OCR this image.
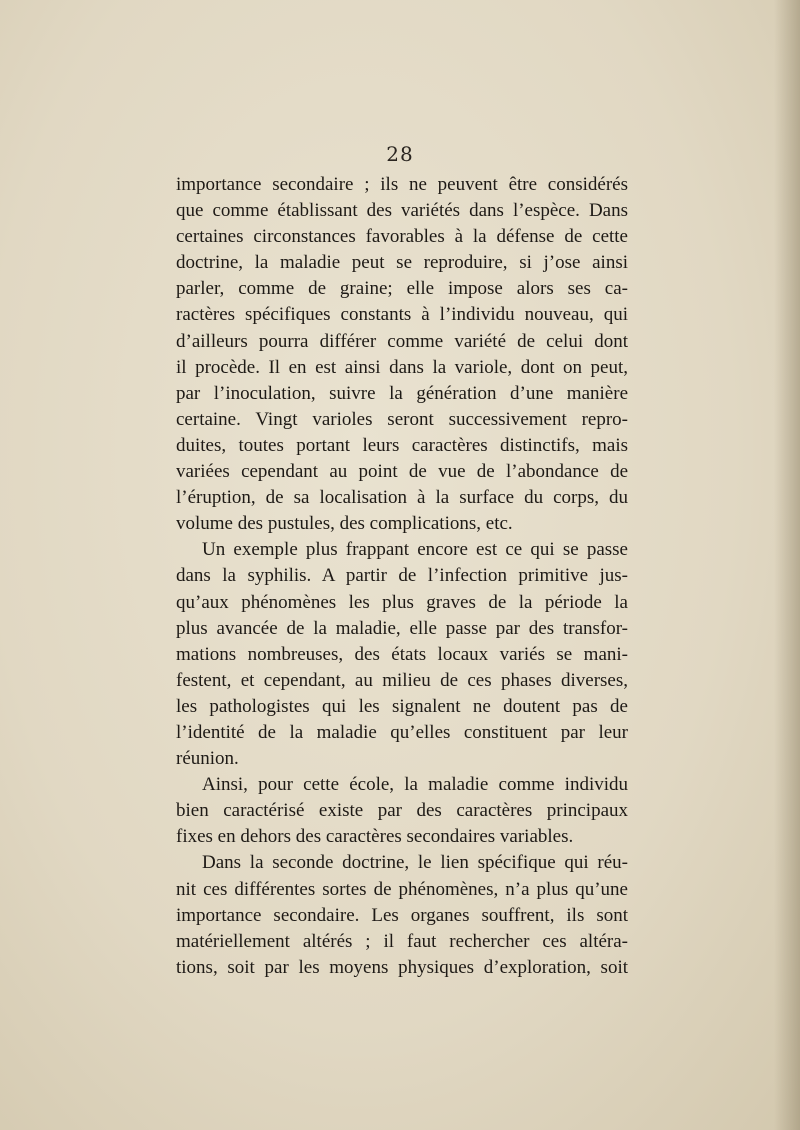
28
importance secondaire ; ils ne peuvent être considérés
que comme établissant des variétés dans l’espèce. Dans
certaines circonstances favorables à la défense de cette
doctrine, la maladie peut se reproduire, si j’ose ainsi
parler, comme de graine; elle impose alors ses ca-
ractères spécifiques constants à l’individu nouveau, qui
d’ailleurs pourra différer comme variété de celui dont
il procède. Il en est ainsi dans la variole, dont on peut,
par l’inoculation, suivre la génération d’une manière
certaine. Vingt varioles seront successivement repro-
duites, toutes portant leurs caractères distinctifs, mais
variées cependant au point de vue de l’abondance de
l’éruption, de sa localisation à la surface du corps, du
volume des pustules, des complications, etc.
Un exemple plus frappant encore est ce qui se passe
dans la syphilis. A partir de l’infection primitive jus-
qu’aux phénomènes les plus graves de la période la
plus avancée de la maladie, elle passe par des transfor-
mations nombreuses, des états locaux variés se mani-
festent, et cependant, au milieu de ces phases diverses,
les pathologistes qui les signalent ne doutent pas de
l’identité de la maladie qu’elles constituent par leur
réunion.
Ainsi, pour cette école, la maladie comme individu
bien caractérisé existe par des caractères principaux
fixes en dehors des caractères secondaires variables.
Dans la seconde doctrine, le lien spécifique qui réu-
nit ces différentes sortes de phénomènes, n’a plus qu’une
importance secondaire. Les organes souffrent, ils sont
matériellement altérés ; il faut rechercher ces altéra-
tions, soit par les moyens physiques d’exploration, soit
